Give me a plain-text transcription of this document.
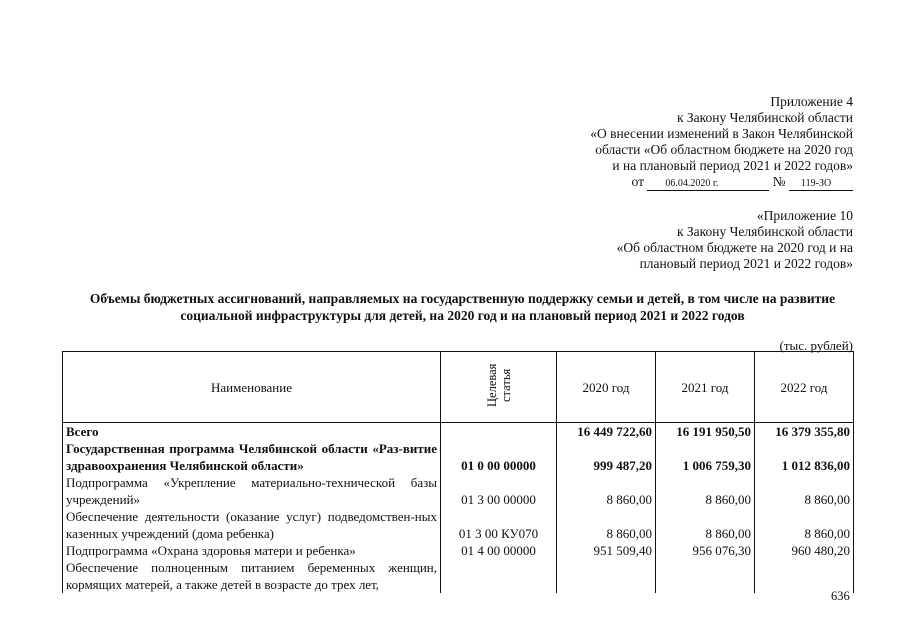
Приложение 4
к Закону Челябинской области
«О внесении изменений в Закон Челябинской
области «Об областном бюджете на 2020 год
и на плановый период 2021 и 2022 годов»
от 06.04.2020 г.	№ 119-ЗО
«Приложение 10
к Закону Челябинской области
«Об областном бюджете на 2020 год и на
плановый период 2021 и 2022 годов»
Объемы бюджетных ассигнований, направляемых на государственную поддержку семьи и детей, в том числе на развитие
социальной инфраструктуры для детей, на 2020 год и на плановый период 2021 и 2022 годов
(тыс. рублей)
Наименование	Целевая статья	2020 год	2021 год	2022 год
Всего		16 449 722,60	16 191 950,50	16 379 355,80
Государственная программа Челябинской области «Раз-витие здравоохранения Челябинской области»	01 0 00 00000	999 487,20	1 006 759,30	1 012 836,00
Подпрограмма «Укрепление материально-технической базы учреждений»	01 3 00 00000	8 860,00	8 860,00	8 860,00
Обеспечение деятельности (оказание услуг) подведомствен-ных казенных учреждений (дома ребенка)	01 3 00 КУ070	8 860,00	8 860,00	8 860,00
Подпрограмма «Охрана здоровья матери и ребенка»	01 4 00 00000	951 509,40	956 076,30	960 480,20
Обеспечение полноценным питанием беременных женщин, кормящих матерей, а также детей в возрасте до трех лет,				
636
